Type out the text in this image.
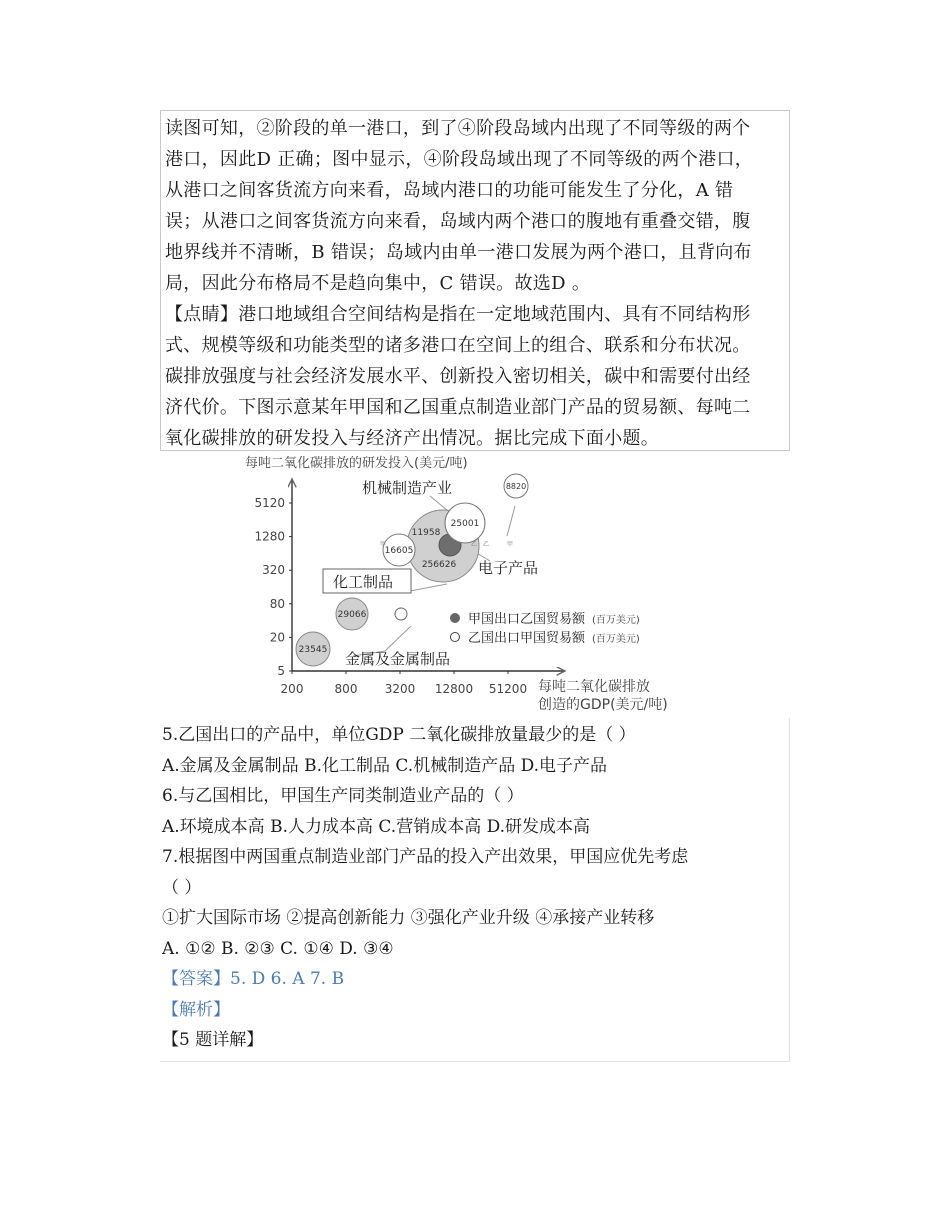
读图可知，②阶段的单一港口，到了④阶段岛域内出现了不同等级的两个
港口，因此D 正确；图中显示，④阶段岛域出现了不同等级的两个港口，
从港口之间客货流方向来看，岛域内港口的功能可能发生了分化，A 错
误；从港口之间客货流方向来看，岛域内两个港口的腹地有重叠交错，腹
地界线并不清晰，B 错误；岛域内由单一港口发展为两个港口，且背向布
局，因此分布格局不是趋向集中，C 错误。故选D 。
【点睛】港口地域组合空间结构是指在一定地域范围内、具有不同结构形
式、规模等级和功能类型的诸多港口在空间上的组合、联系和分布状况。
碳排放强度与社会经济发展水平、创新投入密切相关，碳中和需要付出经
济代价。下图示意某年甲国和乙国重点制造业部门产品的贸易额、每吨二
氧化碳排放的研发投入与经济产出情况。据比完成下面小题。
每吨二氧化碳排放的研发投入(美元/吨)
每吨二氧化碳排放
创造的GDP(美元/吨)
5
20
80
320
1280
5120
200	800 3200 12800 51200
8820
25001
11958
16605
256626
29066
23545
甲	乙	甲
乙
机械制造产业
电子产品
化工制品
金属及金属制品
甲国出口乙国贸易额 (百万美元)
乙国出口甲国贸易额 (百万美元)
5.乙国出口的产品中，单位GDP 二氧化碳排放量最少的是（ ）
A.金属及金属制品 B.化工制品 C.机械制造产品 D.电子产品
6.与乙国相比，甲国生产同类制造业产品的（ ）
A.环境成本高 B.人力成本高 C.营销成本高 D.研发成本高
7.根据图中两国重点制造业部门产品的投入产出效果，甲国应优先考虑
（ ）
①扩大国际市场 ②提高创新能力 ③强化产业升级 ④承接产业转移
A. ①② B. ②③ C. ①④ D. ③④
【答案】5. D 6. A 7. B
【解析】
【5 题详解】
